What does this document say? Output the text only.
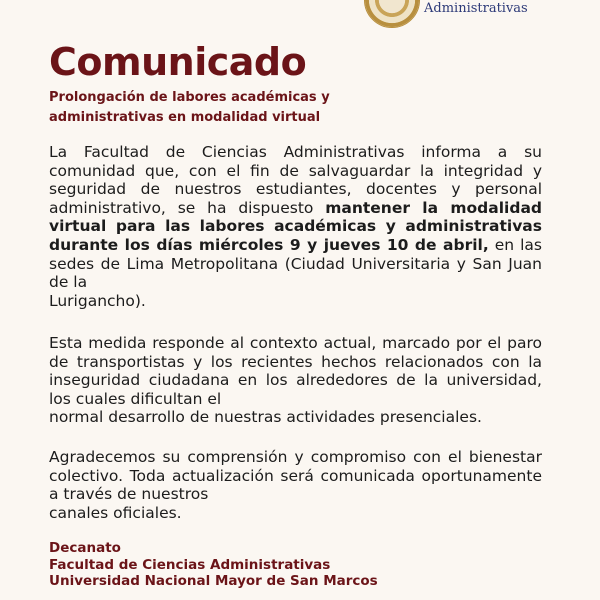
Administrativas
Comunicado

Prolongación de labores académicas y administrativas en modalidad virtual

La Facultad de Ciencias Administrativas informa a su comunidad que, con el fin de salvaguardar la integridad y seguridad de nuestros estudiantes, docentes y personal administrativo, se ha dispuesto mantener la modalidad virtual para las labores académicas y administrativas durante los días miércoles 9 y jueves 10 de abril, en las sedes de Lima Metropolitana (Ciudad Universitaria y San Juan de la
Lurigancho).

Esta medida responde al contexto actual, marcado por el paro de transportistas y los recientes hechos relacionados con la inseguridad ciudadana en los alrededores de la universidad, los cuales dificultan el
normal desarrollo de nuestras actividades presenciales.

Agradecemos su comprensión y compromiso con el bienestar colectivo. Toda actualización será comunicada oportunamente a través de nuestros
canales oficiales.

Decanato
Facultad de Ciencias Administrativas
Universidad Nacional Mayor de San Marcos
